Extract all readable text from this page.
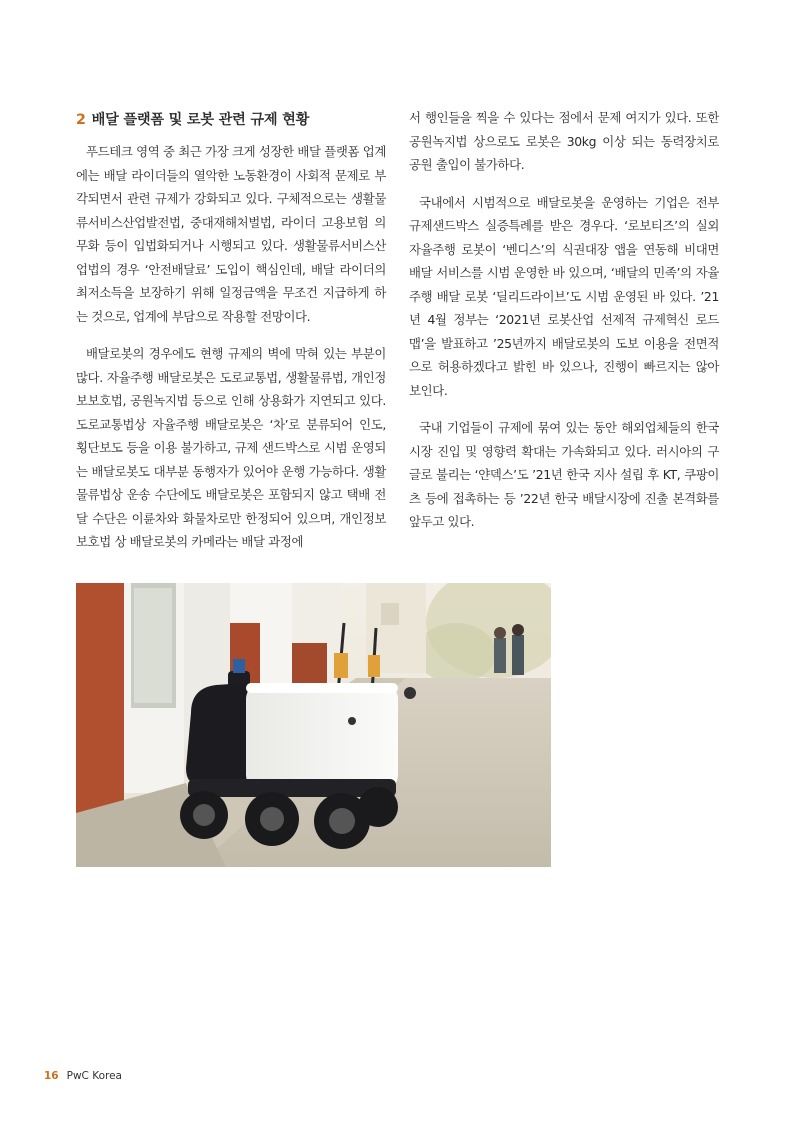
2 배달 플랫폼 및 로봇 관련 규제 현황

푸드테크 영역 중 최근 가장 크게 성장한 배달 플랫폼 업계에는 배달 라이더들의 열악한 노동환경이 사회적 문제로 부각되면서 관련 규제가 강화되고 있다. 구체적으로는 생활물류서비스산업발전법, 중대재해처벌법, 라이더 고용보험 의무화 등이 입법화되거나 시행되고 있다. 생활물류서비스산업법의 경우 ‘안전배달료’ 도입이 핵심인데, 배달 라이더의 최저소득을 보장하기 위해 일정금액을 무조건 지급하게 하는 것으로, 업계에 부담으로 작용할 전망이다.

배달로봇의 경우에도 현행 규제의 벽에 막혀 있는 부분이 많다. 자율주행 배달로봇은 도로교통법, 생활물류법, 개인정보보호법, 공원녹지법 등으로 인해 상용화가 지연되고 있다. 도로교통법상 자율주행 배달로봇은 ‘차’로 분류되어 인도, 횡단보도 등을 이용 불가하고, 규제 샌드박스로 시범 운영되는 배달로봇도 대부분 동행자가 있어야 운행 가능하다. 생활물류법상 운송 수단에도 배달로봇은 포함되지 않고 택배 전달 수단은 이륜차와 화물차로만 한정되어 있으며, 개인정보보호법 상 배달로봇의 카메라는 배달 과정에

서 행인들을 찍을 수 있다는 점에서 문제 여지가 있다. 또한 공원녹지법 상으로도 로봇은 30kg 이상 되는 동력장치로 공원 출입이 불가하다.

국내에서 시범적으로 배달로봇을 운영하는 기업은 전부 규제샌드박스 실증특례를 받은 경우다. ‘로보티즈’의 실외 자율주행 로봇이 ‘벤디스’의 식권대장 앱을 연동해 비대면 배달 서비스를 시범 운영한 바 있으며, ‘배달의 민족’의 자율주행 배달 로봇 ‘딜리드라이브’도 시범 운영된 바 있다. ’21년 4월 정부는 ‘2021년 로봇산업 선제적 규제혁신 로드맵’을 발표하고 ’25년까지 배달로봇의 도보 이용을 전면적으로 허용하겠다고 밝힌 바 있으나, 진행이 빠르지는 않아 보인다.

국내 기업들이 규제에 묶여 있는 동안 해외업체들의 한국 시장 진입 및 영향력 확대는 가속화되고 있다. 러시아의 구글로 불리는 ‘얀덱스’도 ’21년 한국 지사 설립 후 KT, 쿠팡이츠 등에 접촉하는 등 ’22년 한국 배달시장에 진출 본격화를 앞두고 있다.

16 PwC Korea
